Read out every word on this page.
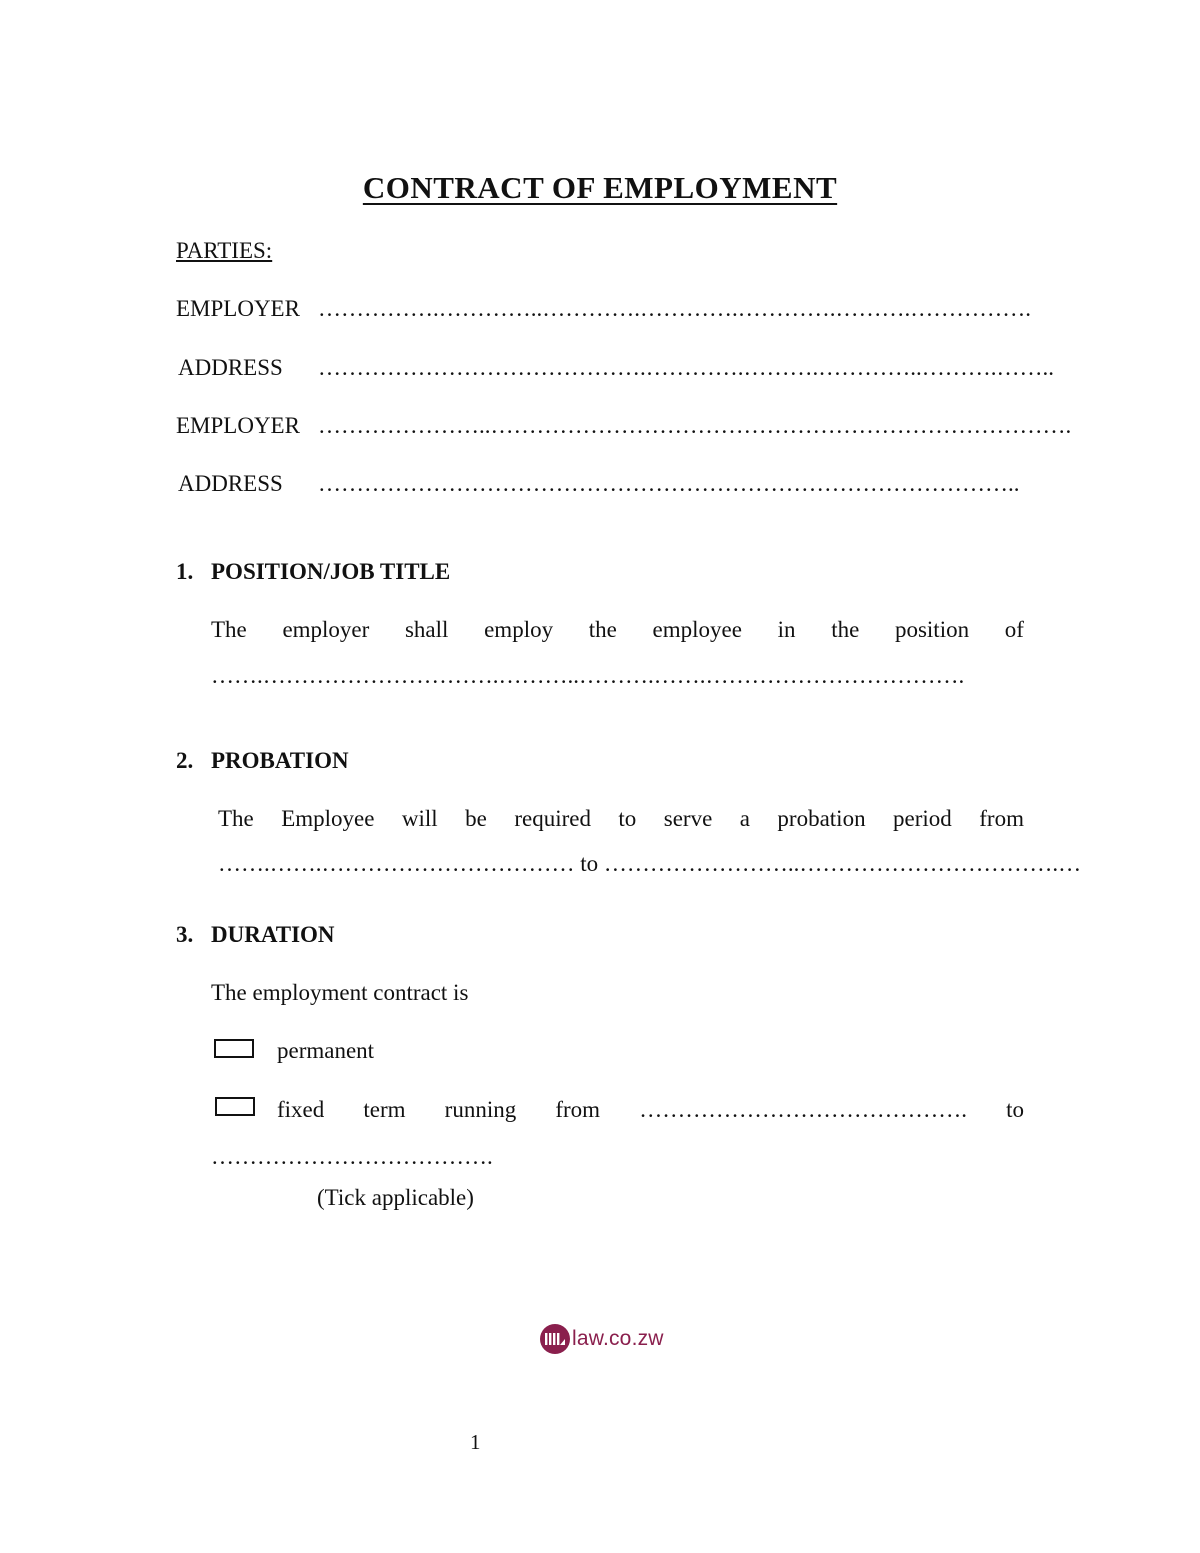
CONTRACT OF EMPLOYMENT
PARTIES:
EMPLOYER …………….…………..………….………….………….……….…………….
ADDRESS …………………………………….………….……….…………..……….……..
EMPLOYER …………………..………………………………………………………………….
ADDRESS ………………………………………………………………………………..
1. POSITION/JOB TITLE
The employer shall employ the employee in the position of
…….………………………….………..……….…….…………………………….
2. PROBATION
The Employee will be required to serve a probation period from
…….…….…………………………… to ……………………..…………………………….…
3. DURATION
The employment contract is
permanent
fixed term running from ……………………………………. to
……………………………….
(Tick applicable)
law.co.zw
1
